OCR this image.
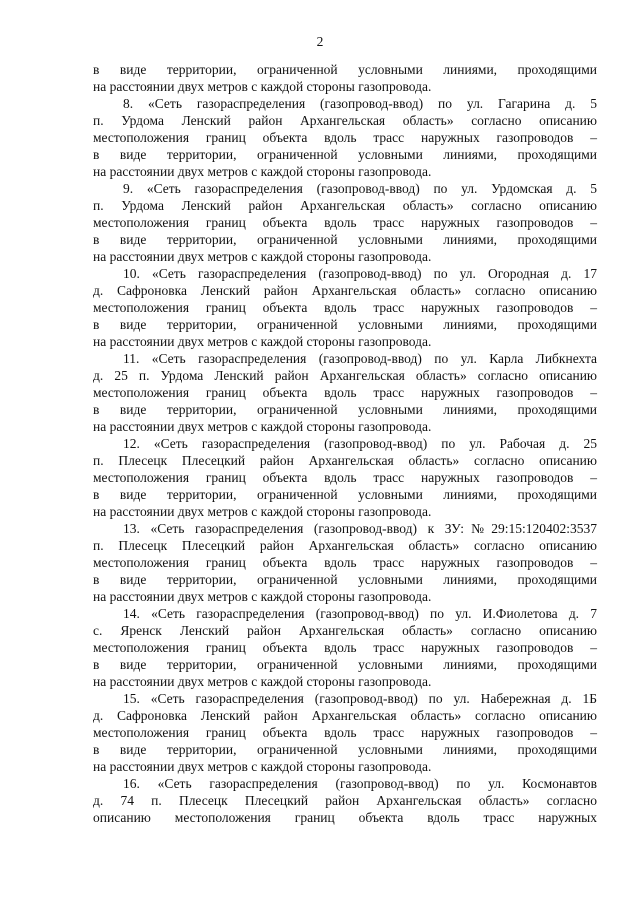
2
в виде территории, ограниченной условными линиями, проходящими
на расстоянии двух метров с каждой стороны газопровода.
8. «Сеть газораспределения (газопровод-ввод) по ул. Гагарина д. 5
п. Урдома Ленский район Архангельская область» согласно описанию
местоположения границ объекта вдоль трасс наружных газопроводов –
в виде территории, ограниченной условными линиями, проходящими
на расстоянии двух метров с каждой стороны газопровода.
9. «Сеть газораспределения (газопровод-ввод) по ул. Урдомская д. 5
п. Урдома Ленский район Архангельская область» согласно описанию
местоположения границ объекта вдоль трасс наружных газопроводов –
в виде территории, ограниченной условными линиями, проходящими
на расстоянии двух метров с каждой стороны газопровода.
10. «Сеть газораспределения (газопровод-ввод) по ул. Огородная д. 17
д. Сафроновка Ленский район Архангельская область» согласно описанию
местоположения границ объекта вдоль трасс наружных газопроводов –
в виде территории, ограниченной условными линиями, проходящими
на расстоянии двух метров с каждой стороны газопровода.
11. «Сеть газораспределения (газопровод-ввод) по ул. Карла Либкнехта
д. 25 п. Урдома Ленский район Архангельская область» согласно описанию
местоположения границ объекта вдоль трасс наружных газопроводов –
в виде территории, ограниченной условными линиями, проходящими
на расстоянии двух метров с каждой стороны газопровода.
12. «Сеть газораспределения (газопровод-ввод) по ул. Рабочая д. 25
п. Плесецк Плесецкий район Архангельская область» согласно описанию
местоположения границ объекта вдоль трасс наружных газопроводов –
в виде территории, ограниченной условными линиями, проходящими
на расстоянии двух метров с каждой стороны газопровода.
13. «Сеть газораспределения (газопровод-ввод) к ЗУ:№29:15:120402:3537
п. Плесецк Плесецкий район Архангельская область» согласно описанию
местоположения границ объекта вдоль трасс наружных газопроводов –
в виде территории, ограниченной условными линиями, проходящими
на расстоянии двух метров с каждой стороны газопровода.
14. «Сеть газораспределения (газопровод-ввод) по ул. И.Фиолетова д. 7
с. Яренск Ленский район Архангельская область» согласно описанию
местоположения границ объекта вдоль трасс наружных газопроводов –
в виде территории, ограниченной условными линиями, проходящими
на расстоянии двух метров с каждой стороны газопровода.
15. «Сеть газораспределения (газопровод-ввод) по ул. Набережная д. 1Б
д. Сафроновка Ленский район Архангельская область» согласно описанию
местоположения границ объекта вдоль трасс наружных газопроводов –
в виде территории, ограниченной условными линиями, проходящими
на расстоянии двух метров с каждой стороны газопровода.
16. «Сеть газораспределения (газопровод-ввод) по ул. Космонавтов
д. 74 п. Плесецк Плесецкий район Архангельская область» согласно
описанию местоположения границ объекта вдоль трасс наружных
